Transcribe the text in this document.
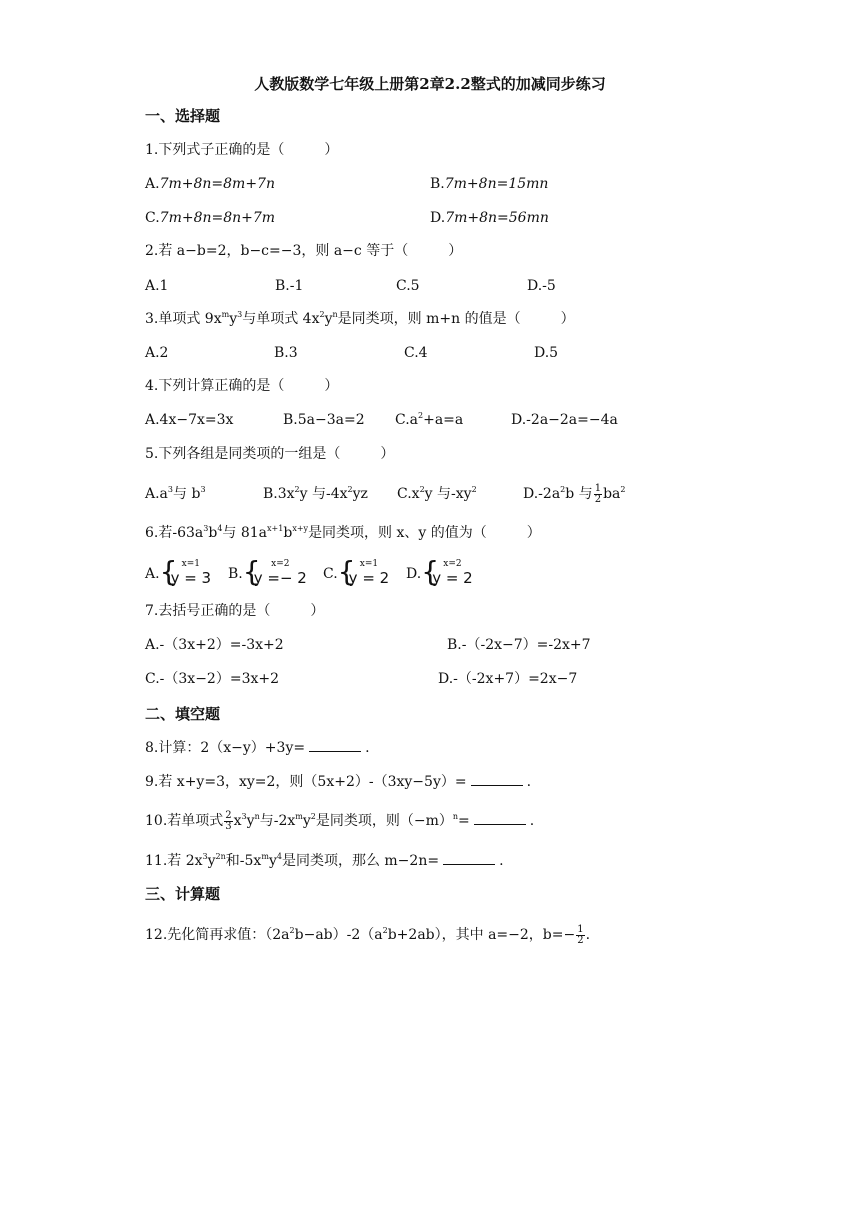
人教版数学七年级上册第2章2.2整式的加减同步练习
一、选择题
1.下列式子正确的是（	）
A.7m+8n=8m+7n	B.7m+8n=15mn
C.7m+8n=8n+7m	D.7m+8n=56mn
2.若 a−b=2，b−c=−3，则 a−c 等于（	）
A.1	B.-1	C.5	D.-5
3.单项式 $9x^my^3$与单项式 $4x^2y^n$是同类项，则 m+n 的值是（	）
A.2	B.3	C.4	D.5
4.下列计算正确的是（	）
A.4x−7x=3x	B.5a−3a=2 $C.a^2+a=a$	D.-2a−2a=−4a
5.下列各组是同类项的一组是（	）
$A.a^3$与 $b^3$	$B.3x^2y$ 与$-4x^2yz$ $C.x^2y$ 与$-xy^2$	$D.-2a^2b$ 与 $\frac{1}{2} ba^2$
6.若$-63a^3b^4$与 $81a^{x+1}b^{x+y}$是同类项，则 x、y 的值为（	）
A. { x=1
y = 3 B. {	x=2
y =− 2 C. { x=1
y = 2 D. { x=2
y = 2
7.去括号正确的是（	）
A.-（3x+2）=-3x+2	B.-（-2x−7）=-2x+7
C.-（3x−2）=3x+2	D.-（-2x+7）=2x−7
二、填空题
8.计算：2（x−y）+3y=	.
9.若 x+y=3，xy=2，则（5x+2）-（3xy−5y）=	.
10.若单项式 $\frac{2}{3} x^3y^n$与$-2x^my^2$是同类项，则$(-m)^n=$	.
11.若 $2x^3y^{2n}$和$-5x^my^4$是同类项，那么 m−2n=	.
三、计算题
12.先化简再求值：$(2a^2b-ab)-2(a^2b+2ab)$，其中 a=−2，$b=- \frac{1}{2}$ .
